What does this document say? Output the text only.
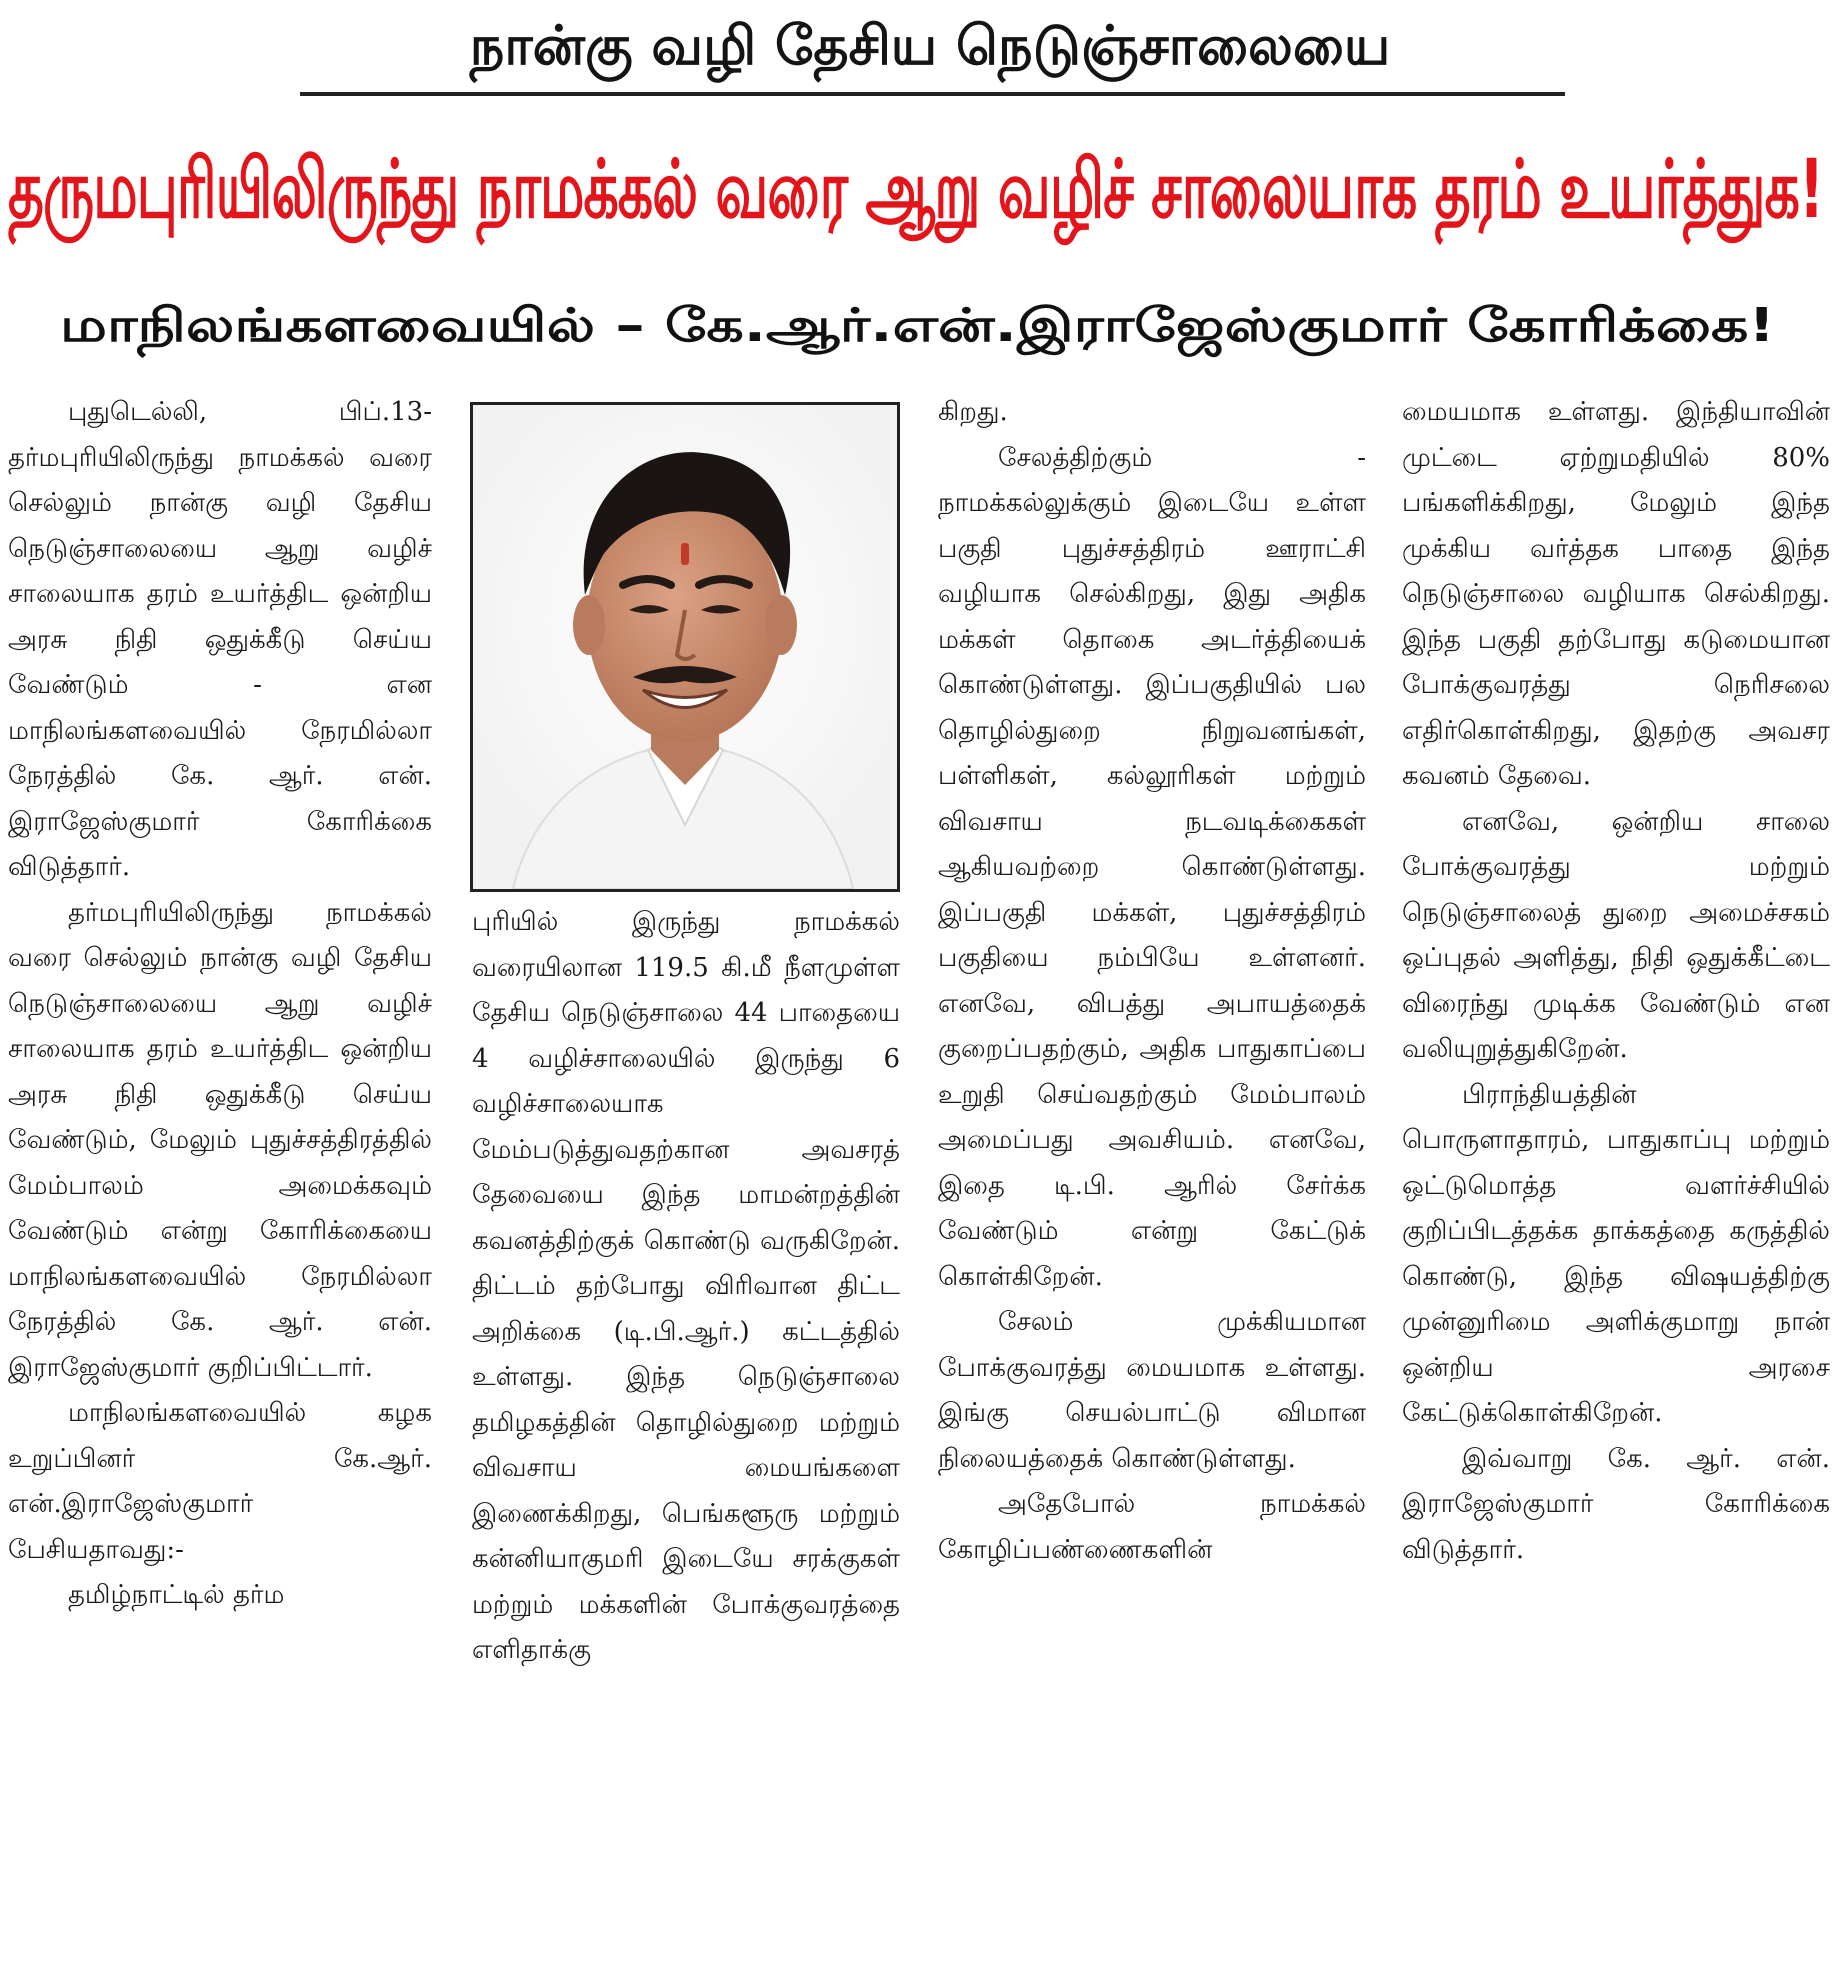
நான்கு வழி தேசிய நெடுஞ்சாலையை
தருமபுரியிலிருந்து நாமக்கல் வரை ஆறு வழிச் சாலையாக தரம் உயர்த்துக!
மாநிலங்களவையில் – கே.ஆர்.என்.இராஜேஸ்குமார் கோரிக்கை!

புதுடெல்லி, பிப்.13- தர்மபுரியிலிருந்து நாமக்கல் வரை செல்லும் நான்கு வழி தேசிய நெடுஞ்சாலையை ஆறு வழிச் சாலையாக தரம் உயர்த்திட ஒன்றிய அரசு நிதி ஒதுக்கீடு செய்ய வேண்டும் - என மாநிலங்களவையில் நேரமில்லா நேரத்தில் கே. ஆர். என். இராஜேஸ்குமார் கோரிக்கை விடுத்தார்.

தர்மபுரியிலிருந்து நாமக்கல் வரை செல்லும் நான்கு வழி தேசிய நெடுஞ்சாலையை ஆறு வழிச் சாலையாக தரம் உயர்த்திட ஒன்றிய அரசு நிதி ஒதுக்கீடு செய்ய வேண்டும், மேலும் புதுச்சத்திரத்தில் மேம்பாலம் அமைக்கவும் வேண்டும் என்று கோரிக்கையை மாநிலங்களவையில் நேரமில்லா நேரத்தில் கே. ஆர். என். இராஜேஸ்குமார் குறிப்பிட்டார்.

மாநிலங்களவையில் கழக உறுப்பினர் கே.ஆர். என்.இராஜேஸ்குமார் பேசியதாவது:-

தமிழ்நாட்டில் தர்ம

புரியில் இருந்து நாமக்கல் வரையிலான 119.5 கி.மீ நீளமுள்ள தேசிய நெடுஞ்சாலை 44 பாதையை 4 வழிச்சாலையில் இருந்து 6 வழிச்சாலையாக மேம்படுத்துவதற்கான அவசரத் தேவையை இந்த மாமன்றத்தின் கவனத்திற்குக் கொண்டு வருகிறேன். திட்டம் தற்போது விரிவான திட்ட அறிக்கை (டி.பி.ஆர்.) கட்டத்தில் உள்ளது. இந்த நெடுஞ்சாலை தமிழகத்தின் தொழில்துறை மற்றும் விவசாய மையங்களை இணைக்கிறது, பெங்களூரு மற்றும் கன்னியாகுமரி இடையே சரக்குகள் மற்றும் மக்களின் போக்குவரத்தை எளிதாக்கு

கிறது.

சேலத்திற்கும் - நாமக்கல்லுக்கும் இடையே உள்ள பகுதி புதுச்சத்திரம் ஊராட்சி வழியாக செல்கிறது, இது அதிக மக்கள் தொகை அடர்த்தியைக் கொண்டுள்ளது. இப்பகுதியில் பல தொழில்துறை நிறுவனங்கள், பள்ளிகள், கல்லூரிகள் மற்றும் விவசாய நடவடிக்கைகள் ஆகியவற்றை கொண்டுள்ளது. இப்பகுதி மக்கள், புதுச்சத்திரம் பகுதியை நம்பியே உள்ளனர். எனவே, விபத்து அபாயத்தைக் குறைப்பதற்கும், அதிக பாதுகாப்பை உறுதி செய்வதற்கும் மேம்பாலம் அமைப்பது அவசியம். எனவே, இதை டி.பி. ஆரில் சேர்க்க வேண்டும் என்று கேட்டுக் கொள்கிறேன்.

சேலம் முக்கியமான போக்குவரத்து மையமாக உள்ளது. இங்கு செயல்பாட்டு விமான நிலையத்தைக் கொண்டுள்ளது.

அதேபோல் நாமக்கல் கோழிப்பண்ணைகளின்

மையமாக உள்ளது. இந்தியாவின் முட்டை ஏற்றுமதியில் 80% பங்களிக்கிறது, மேலும் இந்த முக்கிய வர்த்தக பாதை இந்த நெடுஞ்சாலை வழியாக செல்கிறது. இந்த பகுதி தற்போது கடுமையான போக்குவரத்து நெரிசலை எதிர்கொள்கிறது, இதற்கு அவசர கவனம் தேவை.

எனவே, ஒன்றிய சாலை போக்குவரத்து மற்றும் நெடுஞ்சாலைத் துறை அமைச்சகம் ஒப்புதல் அளித்து, நிதி ஒதுக்கீட்டை விரைந்து முடிக்க வேண்டும் என வலியுறுத்துகிறேன்.

பிராந்தியத்தின் பொருளாதாரம், பாதுகாப்பு மற்றும் ஒட்டுமொத்த வளர்ச்சியில் குறிப்பிடத்தக்க தாக்கத்தை கருத்தில் கொண்டு, இந்த விஷயத்திற்கு முன்னுரிமை அளிக்குமாறு நான் ஒன்றிய அரசை கேட்டுக்கொள்கிறேன்.

இவ்வாறு கே. ஆர். என். இராஜேஸ்குமார் கோரிக்கை விடுத்தார்.
